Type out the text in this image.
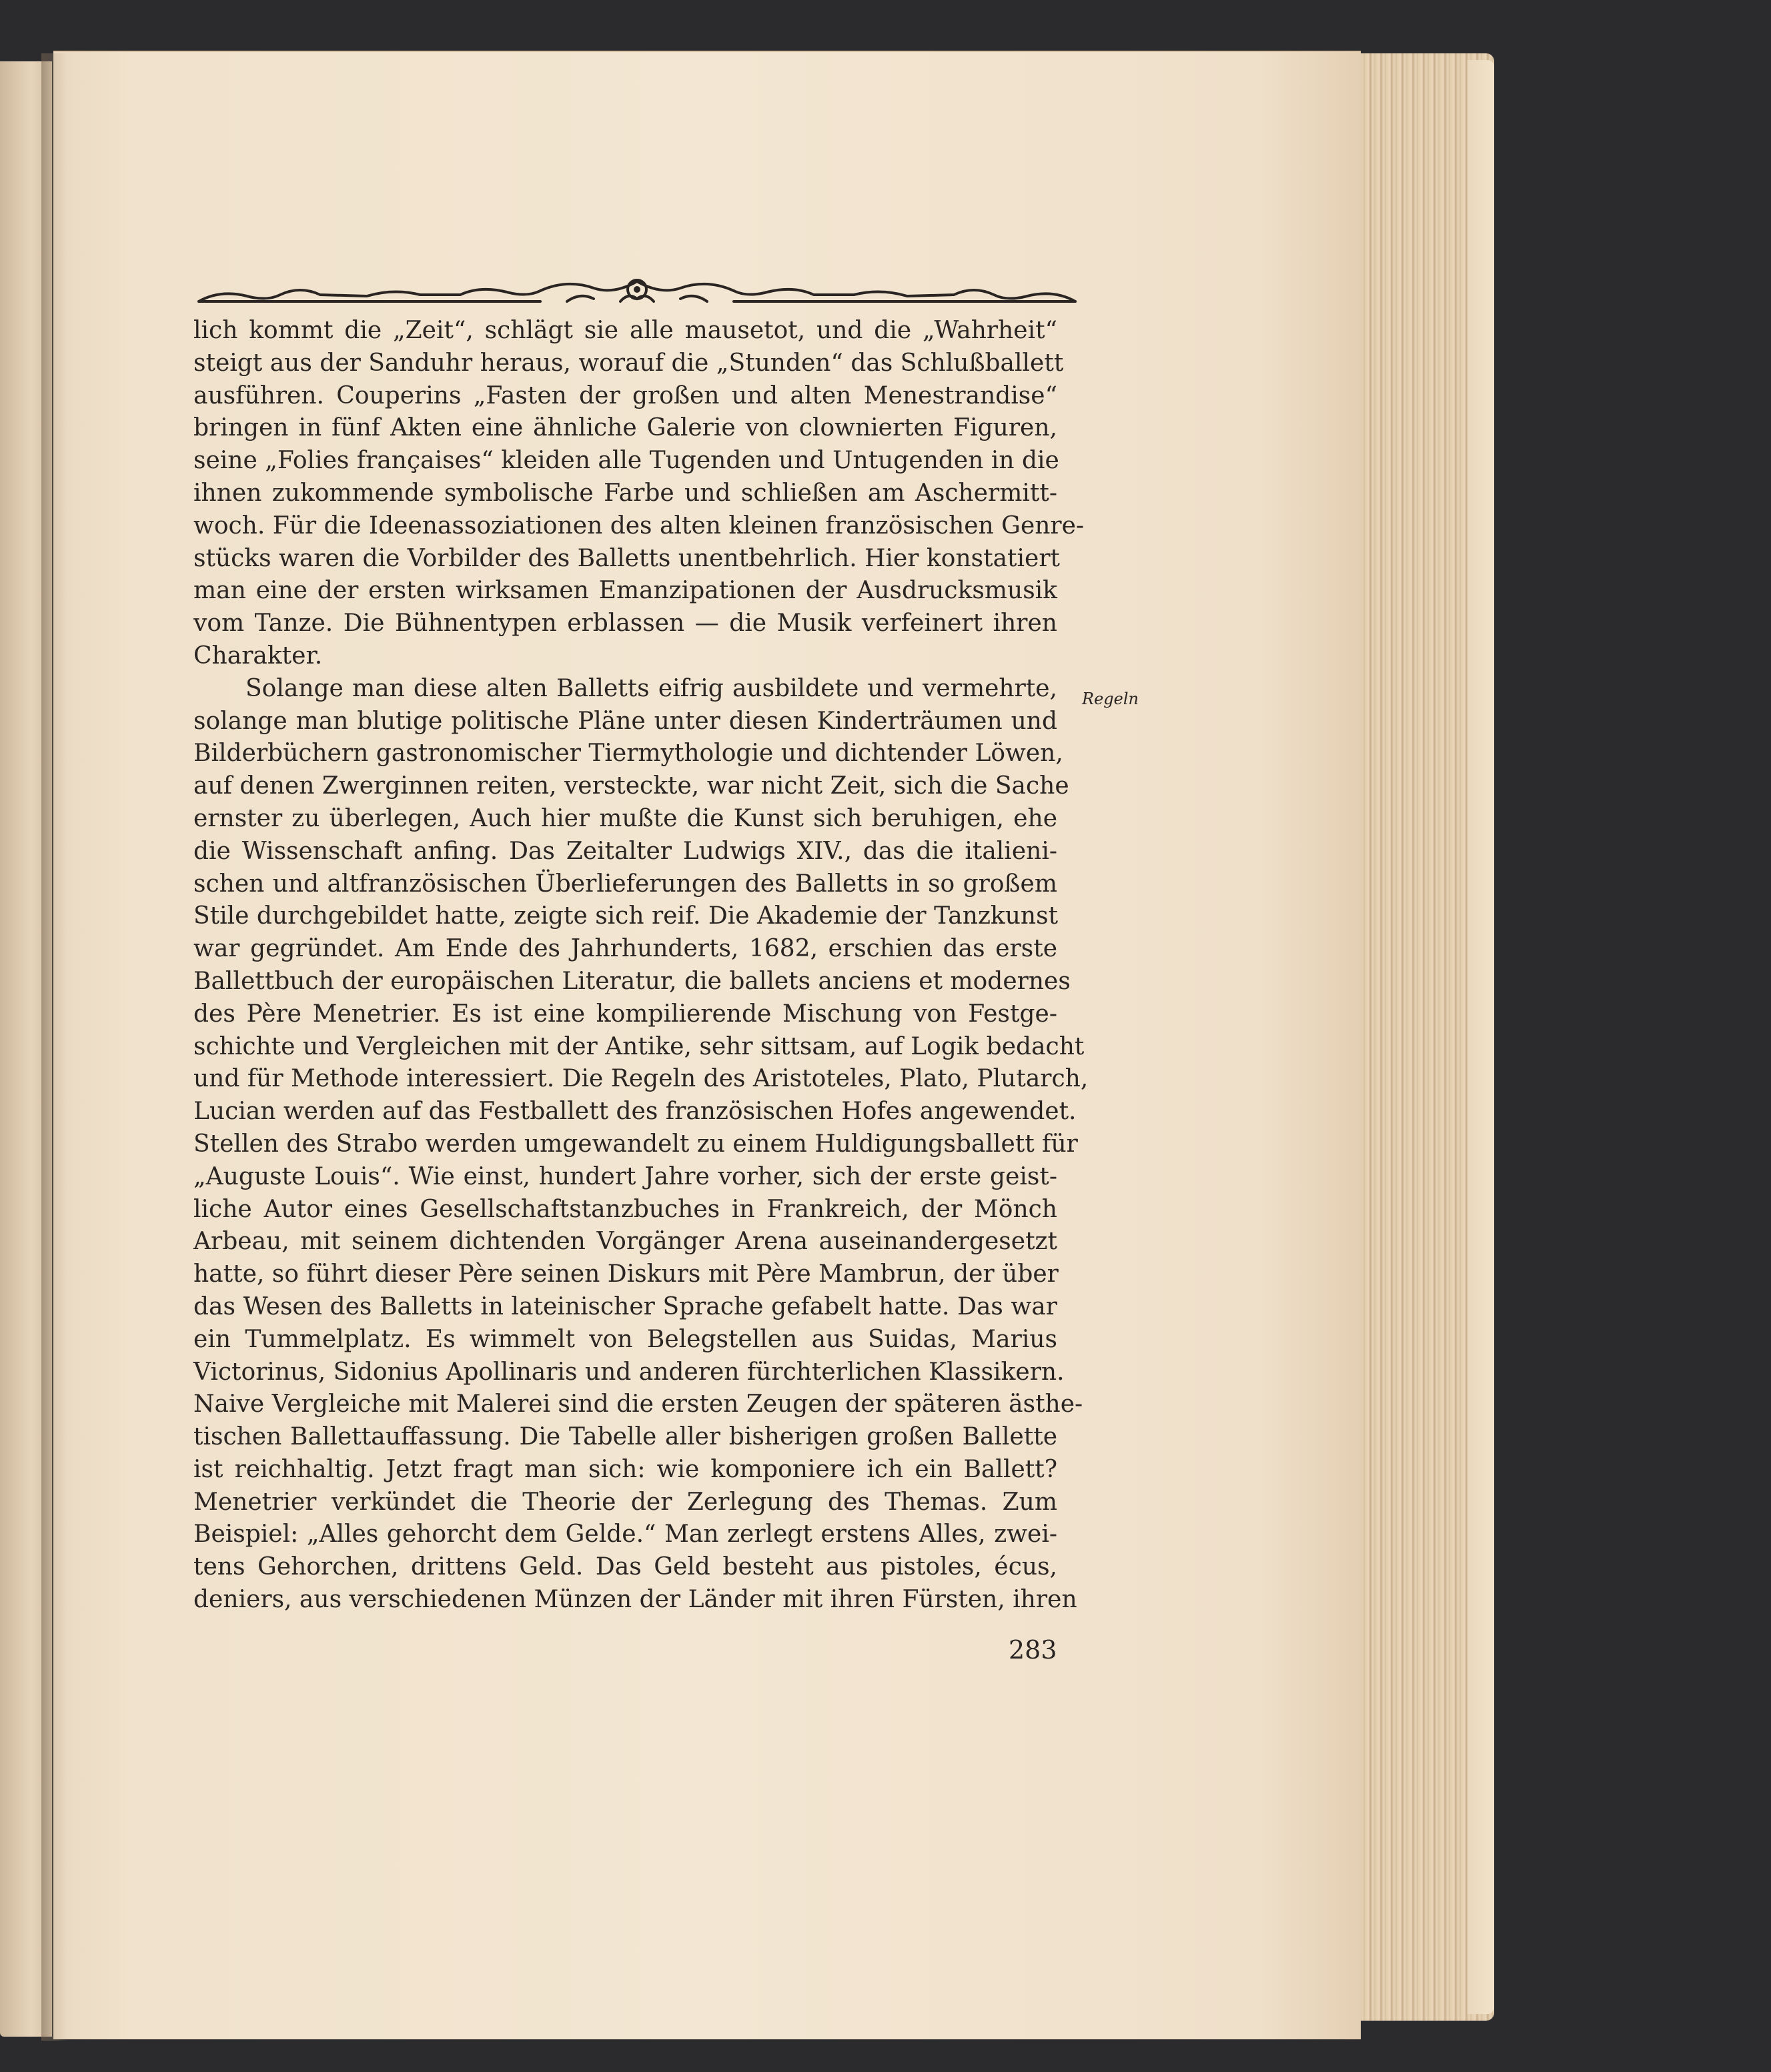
lich kommt die „Zeit“, schlägt sie alle mausetot, und die „Wahrheit“
steigt aus der Sanduhr heraus, worauf die „Stunden“ das Schlußballett
ausführen. Couperins „Fasten der großen und alten Menestrandise“
bringen in fünf Akten eine ähnliche Galerie von clownierten Figuren,
seine „Folies françaises“ kleiden alle Tugenden und Untugenden in die
ihnen zukommende symbolische Farbe und schließen am Aschermitt-
woch. Für die Ideenassoziationen des alten kleinen französischen Genre-
stücks waren die Vorbilder des Balletts unentbehrlich. Hier konstatiert
man eine der ersten wirksamen Emanzipationen der Ausdrucksmusik
vom Tanze. Die Bühnentypen erblassen — die Musik verfeinert ihren
Charakter.

Solange man diese alten Balletts eifrig ausbildete und vermehrte,
solange man blutige politische Pläne unter diesen Kinderträumen und
Bilderbüchern gastronomischer Tiermythologie und dichtender Löwen,
auf denen Zwerginnen reiten, versteckte, war nicht Zeit, sich die Sache
ernster zu überlegen, Auch hier mußte die Kunst sich beruhigen, ehe
die Wissenschaft anfing. Das Zeitalter Ludwigs XIV., das die italieni-
schen und altfranzösischen Überlieferungen des Balletts in so großem
Stile durchgebildet hatte, zeigte sich reif. Die Akademie der Tanzkunst
war gegründet. Am Ende des Jahrhunderts, 1682, erschien das erste
Ballettbuch der europäischen Literatur, die ballets anciens et modernes
des Père Menetrier. Es ist eine kompilierende Mischung von Festge-
schichte und Vergleichen mit der Antike, sehr sittsam, auf Logik bedacht
und für Methode interessiert. Die Regeln des Aristoteles, Plato, Plutarch,
Lucian werden auf das Festballett des französischen Hofes angewendet.
Stellen des Strabo werden umgewandelt zu einem Huldigungsballett für
„Auguste Louis“. Wie einst, hundert Jahre vorher, sich der erste geist-
liche Autor eines Gesellschaftstanzbuches in Frankreich, der Mönch
Arbeau, mit seinem dichtenden Vorgänger Arena auseinandergesetzt
hatte, so führt dieser Père seinen Diskurs mit Père Mambrun, der über
das Wesen des Balletts in lateinischer Sprache gefabelt hatte. Das war
ein Tummelplatz. Es wimmelt von Belegstellen aus Suidas, Marius
Victorinus, Sidonius Apollinaris und anderen fürchterlichen Klassikern.
Naive Vergleiche mit Malerei sind die ersten Zeugen der späteren ästhe-
tischen Ballettauffassung. Die Tabelle aller bisherigen großen Ballette
ist reichhaltig. Jetzt fragt man sich: wie komponiere ich ein Ballett?
Menetrier verkündet die Theorie der Zerlegung des Themas. Zum
Beispiel: „Alles gehorcht dem Gelde.“ Man zerlegt erstens Alles, zwei-
tens Gehorchen, drittens Geld. Das Geld besteht aus pistoles, écus,
deniers, aus verschiedenen Münzen der Länder mit ihren Fürsten, ihren

Regeln
283
